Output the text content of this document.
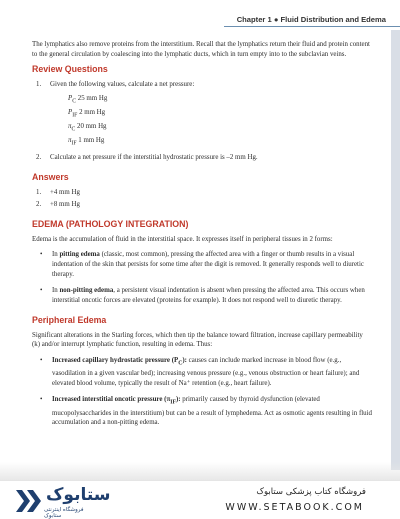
Chapter 1 ● Fluid Distribution and Edema

The lymphatics also remove proteins from the interstitium. Recall that the lymphatics return their fluid and protein content to the general circulation by coalescing into the lymphatic ducts, which in turn empty into to the subclavian veins.

Review Questions
1. Given the following values, calculate a net pressure:
$P_C$ 25 mm Hg
$P_{IF}$ 2 mm Hg
$\pi_C$ 20 mm Hg
$\pi_{IF}$ 1 mm Hg
2. Calculate a net pressure if the interstitial hydrostatic pressure is –2 mm Hg.
Answers
1. +4 mm Hg
2. +8 mm Hg
EDEMA (PATHOLOGY INTEGRATION)

Edema is the accumulation of fluid in the interstitial space. It expresses itself in peripheral tissues in 2 forms:

• In pitting edema (classic, most common), pressing the affected area with a finger or thumb results in a visual indentation of the skin that persists for some time after the digit is removed. It generally responds well to diuretic therapy.
• In non-pitting edema, a persistent visual indentation is absent when pressing the affected area. This occurs when interstitial oncotic forces are elevated (proteins for example). It does not respond well to diuretic therapy.
Peripheral Edema

Significant alterations in the Starling forces, which then tip the balance toward filtration, increase capillary permeability (k) and/or interrupt lymphatic function, resulting in edema. Thus:

• Increased capillary hydrostatic pressure $(P_C)$: causes can include marked increase in blood flow (e.g., vasodilation in a given vascular bed); increasing venous pressure (e.g., venous obstruction or heart failure); and elevated blood volume, typically the result of Na⁺ retention (e.g., heart failure).
• Increased interstitial oncotic pressure $(\pi_{IF})$: primarily caused by thyroid dysfunction (elevated mucopolysaccharides in the interstitium) but can be a result of lymphedema. Act as osmotic agents resulting in fluid accumulation and a non-pitting edema.
ستابوک
فروشگاه اینترنتی ستابوک
فروشگاه کتاب پزشکی ستابوک
WWW.SETABOOK.COM
